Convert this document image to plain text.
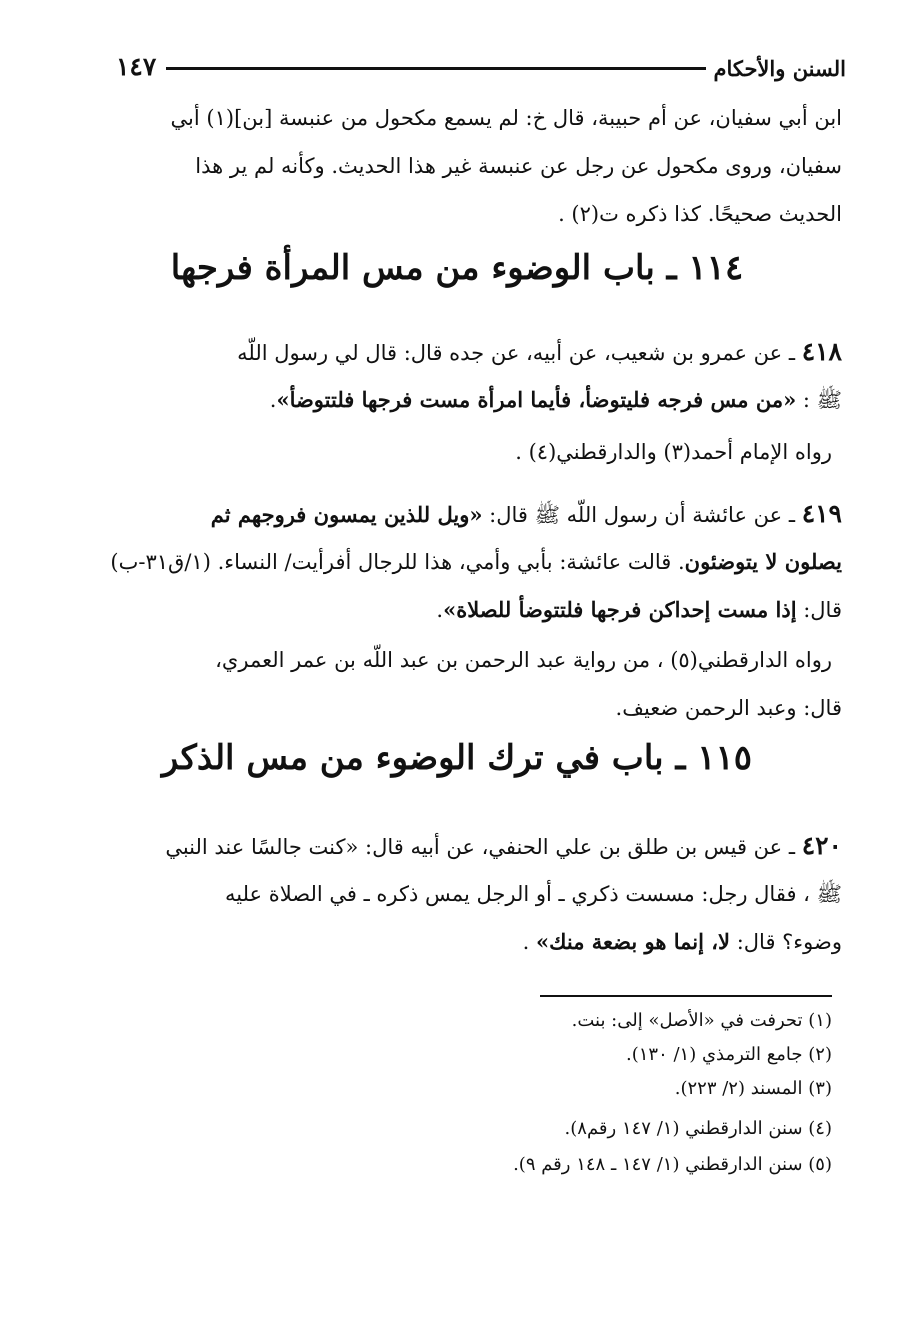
السنن والأحكام
١٤٧
ابن أبي سفيان، عن أم حبيبة، قال خ: لم يسمع مكحول من عنبسة [بن](١) أبي
سفيان، وروى مكحول عن رجل عن عنبسة غير هذا الحديث. وكأنه لم ير هذا
الحديث صحيحًا. كذا ذكره ت(٢) .
١١٤ ـ باب الوضوء من مس المرأة فرجها
٤١٨ ـ عن عمرو بن شعيب، عن أبيه، عن جده قال: قال لي رسول اللّه
ﷺ : «من مس فرجه فليتوضأ، فأيما امرأة مست فرجها فلتتوضأ».
رواه الإمام أحمد(٣) والدارقطني(٤) .
٤١٩ ـ عن عائشة أن رسول اللّه ﷺ قال: «ويل للذين يمسون فروجهم ثم
يصلون لا يتوضئون. قالت عائشة: بأبي وأمي، هذا للرجال أفرأيت/ النساء. (١/ق٣١-ب)
قال: إذا مست إحداكن فرجها فلتتوضأ للصلاة».
رواه الدارقطني(٥) ، من رواية عبد الرحمن بن عبد اللّه بن عمر العمري،
قال: وعبد الرحمن ضعيف.
١١٥ ـ باب في ترك الوضوء من مس الذكر
٤٢٠ ـ عن قيس بن طلق بن علي الحنفي، عن أبيه قال: «كنت جالسًا عند النبي
ﷺ ، فقال رجل: مسست ذكري ـ أو الرجل يمس ذكره ـ في الصلاة عليه
وضوء؟ قال: لا، إنما هو بضعة منك» .
(١) تحرفت في «الأصل» إلى: بنت.
(٢) جامع الترمذي (١/ ١٣٠).
(٣) المسند (٢/ ٢٢٣).
(٤) سنن الدارقطني (١/ ١٤٧ رقم٨).
(٥) سنن الدارقطني (١/ ١٤٧ ـ ١٤٨ رقم ٩).
